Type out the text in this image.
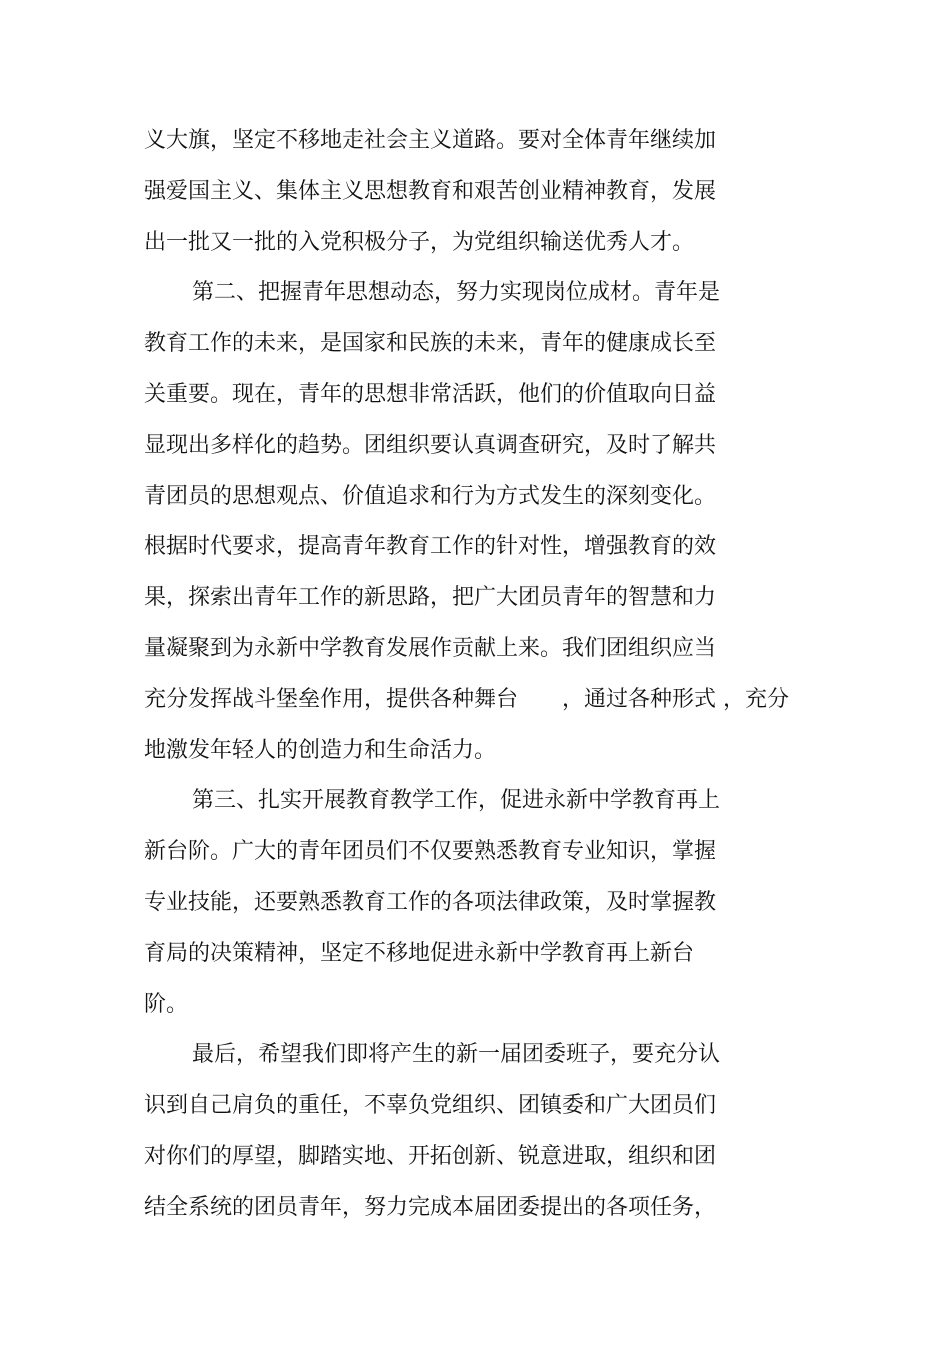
义大旗，坚定不移地走社会主义道路。要对全体青年继续加
强爱国主义、集体主义思想教育和艰苦创业精神教育，发展
出一批又一批的入党积极分子，为党组织输送优秀人才。
第二、把握青年思想动态，努力实现岗位成材。青年是
教育工作的未来，是国家和民族的未来，青年的健康成长至
关重要。现在，青年的思想非常活跃，他们的价值取向日益
显现出多样化的趋势。团组织要认真调查研究，及时了解共
青团员的思想观点、价值追求和行为方式发生的深刻变化。
根据时代要求，提高青年教育工作的针对性，增强教育的效
果，探索出青年工作的新思路，把广大团员青年的智慧和力
量凝聚到为永新中学教育发展作贡献上来。我们团组织应当
充分发挥战斗堡垒作用，提供各种舞台　　，通过各种形式 ，充分
地激发年轻人的创造力和生命活力。
第三、扎实开展教育教学工作，促进永新中学教育再上
新台阶。广大的青年团员们不仅要熟悉教育专业知识，掌握
专业技能，还要熟悉教育工作的各项法律政策，及时掌握教
育局的决策精神，坚定不移地促进永新中学教育再上新台
阶。
最后，希望我们即将产生的新一届团委班子，要充分认
识到自己肩负的重任，不辜负党组织、团镇委和广大团员们
对你们的厚望，脚踏实地、开拓创新、锐意进取，组织和团
结全系统的团员青年，努力完成本届团委提出的各项任务，
